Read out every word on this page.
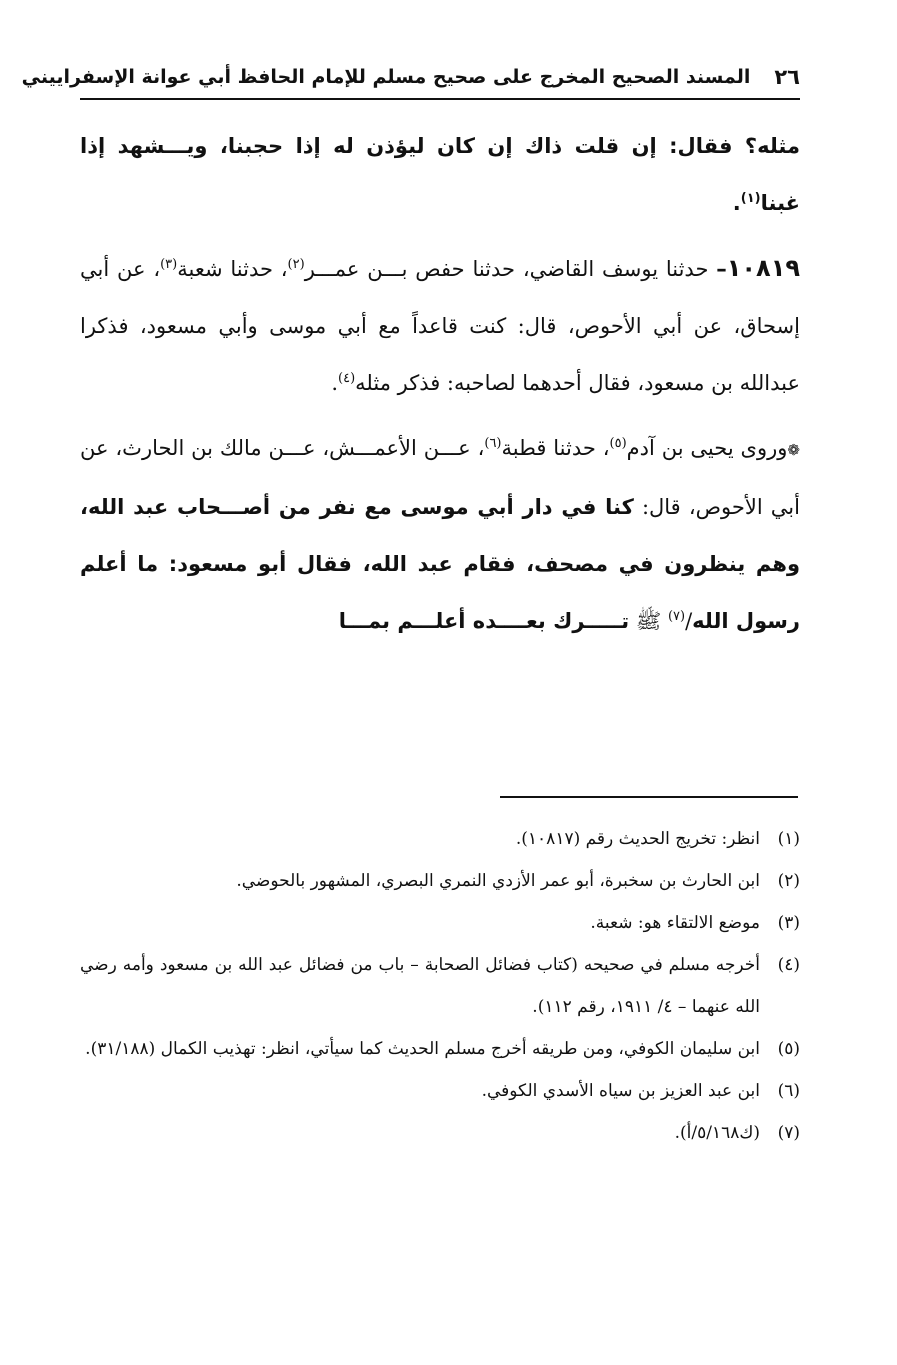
٢٦
المسند الصحيح المخرج على صحيح مسلم للإمام الحافظ أبي عوانة الإسفراييني

مثله؟ فقال: إن قلت ذاك إن كان ليؤذن له إذا حجبنا، ويـــشهد إذا غبنا$^{(١)}$.

١٠٨١٩– حدثنا يوسف القاضي، حدثنا حفص بـــن عمـــر$^{(٢)}$، حدثنا شعبة$^{(٣)}$، عن أبي إسحاق، عن أبي الأحوص، قال: كنت قاعداً مع أبي موسى وأبي مسعود، فذكرا عبدالله بن مسعود، فقال أحدهما لصاحبه: فذكر مثله$^{(٤)}$.

❁وروى يحيى بن آدم$^{(٥)}$، حدثنا قطبة$^{(٦)}$، عـــن الأعمـــش، عـــن مالك بن الحارث، عن أبي الأحوص، قال: كنا في دار أبي موسى مع نفر من أصـــحاب عبد الله، وهم ينظرون في مصحف، فقام عبد الله، فقال أبو مسعود: ما أعلم رسول الله/$^{(٧)}$ ﷺ تـــــرك بعــــده أعلـــم بمـــا

(١)
انظر: تخريج الحديث رقم (١٠٨١٧).

(٢)
ابن الحارث بن سخبرة، أبو عمر الأزدي النمري البصري، المشهور بالحوضي.

(٣)
موضع الالتقاء هو: شعبة.

(٤)
أخرجه مسلم في صحيحه (كتاب فضائل الصحابة – باب من فضائل عبد الله بن مسعود وأمه رضي الله عنهما – ٤/ ١٩١١، رقم ١١٢).

(٥)
ابن سليمان الكوفي، ومن طريقه أخرج مسلم الحديث كما سيأتي، انظر: تهذيب الكمال (٣١/١٨٨).

(٦)
ابن عبد العزيز بن سياه الأسدي الكوفي.

(٧)
(ك٥/١٦٨/أ).
